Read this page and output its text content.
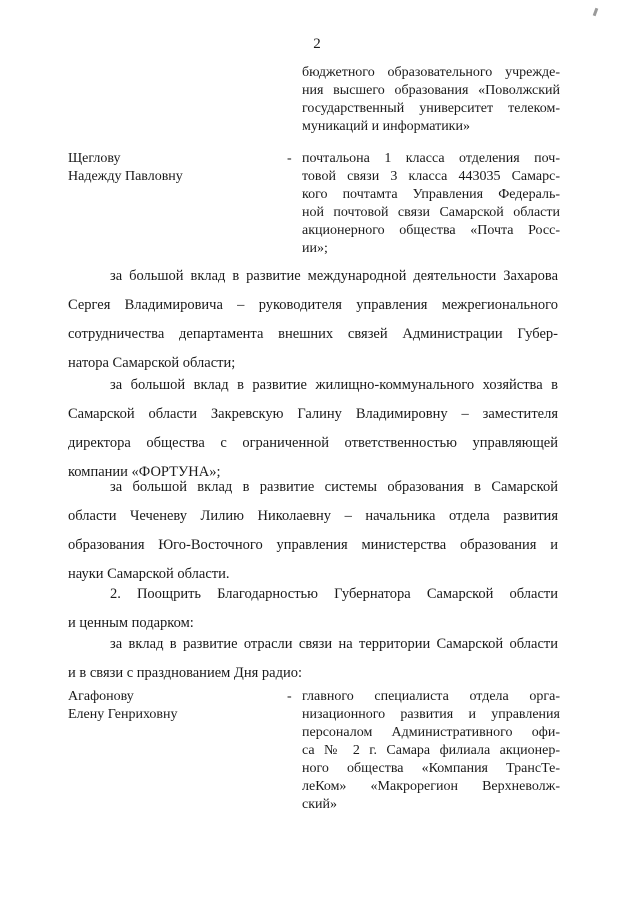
2
бюджетного образовательного учрежде-
ния высшего образования «Поволжский
государственный университет телеком-
муникаций и информатики»
Щеглову
Надежду Павловну
- почтальона 1 класса отделения поч-
товой связи 3 класса 443035 Самарс-
кого почтамта Управления Федераль-
ной почтовой связи Самарской области
акционерного общества «Почта Росс-
ии»;
за большой вклад в развитие международной деятельности Захарова
Сергея Владимировича – руководителя управления межрегионального
сотрудничества департамента внешних связей Администрации Губер-
натора Самарской области;
за большой вклад в развитие жилищно-коммунального хозяйства в
Самарской области Закревскую Галину Владимировну – заместителя
директора общества с ограниченной ответственностью управляющей
компании «ФОРТУНА»;
за большой вклад в развитие системы образования в Самарской
области Чеченеву Лилию Николаевну – начальника отдела развития
образования Юго-Восточного управления министерства образования и
науки Самарской области.
2. Поощрить Благодарностью Губернатора Самарской области
и ценным подарком:
за вклад в развитие отрасли связи на территории Самарской области
и в связи с празднованием Дня радио:
Агафонову
Елену Генриховну
- главного специалиста отдела орга-
низационного развития и управления
персоналом Административного офи-
са № 2 г. Самара филиала акционер-
ного общества «Компания ТрансТе-
леКом» «Макрорегион Верхневолж-
ский»
